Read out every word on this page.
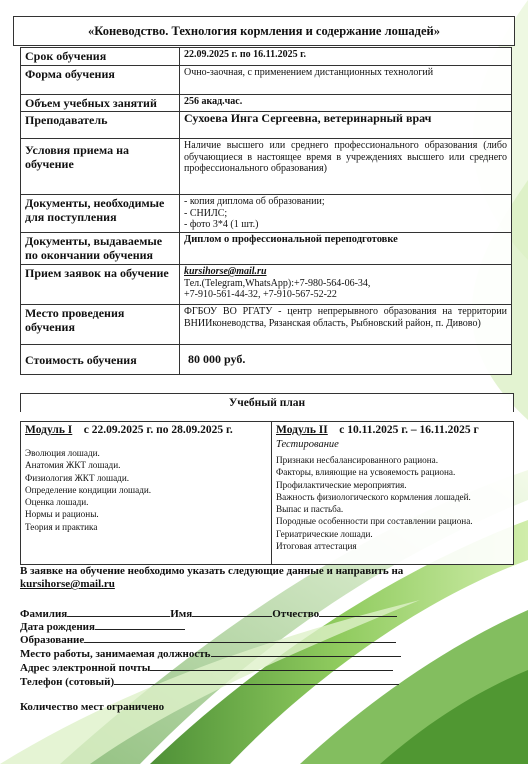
«Коневодство. Технология кормления и содержание лошадей»
Срок обучения	22.09.2025 г. по 16.11.2025 г.
Форма обучения	Очно-заочная, с применением дистанционных технологий
Объем учебных занятий	256 акад.час.
Преподаватель	Сухоева Инга Сергеевна, ветеринарный врач
Условия приема на обучение	Наличие высшего или среднего профессионального образования (либо обучающиеся в настоящее время в учреждениях высшего или среднего профессионального образования)
Документы, необходимые для поступления	- копия диплома об образовании;
- СНИЛС;
- фото 3*4 (1 шт.)

Документы, выдаваемые по окончании обучения	Диплом о профессиональной переподготовке
Прием заявок на обучение	kursihorse@mail.ru
Тел.(Telegram,WhatsApp):+7-980-564-06-34,
+7-910-561-44-32, +7-910-567-52-22

Место проведения обучения	ФГБОУ ВО РГАТУ - центр непрерывного образования на территории ВНИИконеводства, Рязанская область, Рыбновский район, п. Дивово)
Стоимость обучения	80 000 руб.
Учебный план
Модуль I с 22.09.2025 г. по 28.09.2025 г.
Эволюция лошади.
Анатомия ЖКТ лошади.
Физиология ЖКТ лошади.
Определение кондиции лошади.
Оценка лошади.
Нормы и рационы.
Теория и практика
Модуль II с 10.11.2025 г. – 16.11.2025 г
Тестирование
Признаки несбалансированного рациона.
Факторы, влияющие на усвояемость рациона.
Профилактические мероприятия.
Важность физиологического кормления лошадей.
Выпас и пастьба.
Породные особенности при составлении рациона.
Гериатрические лошади.
Итоговая аттестация
В заявке на обучение необходимо указать следующие данные и направить на
kursihorse@mail.ru
Фамилия	Имя	Отчество
Дата рождения
Образование
Место работы, занимаемая должность
Адрес электронной почты
Телефон (сотовый)
Количество мест ограничено
